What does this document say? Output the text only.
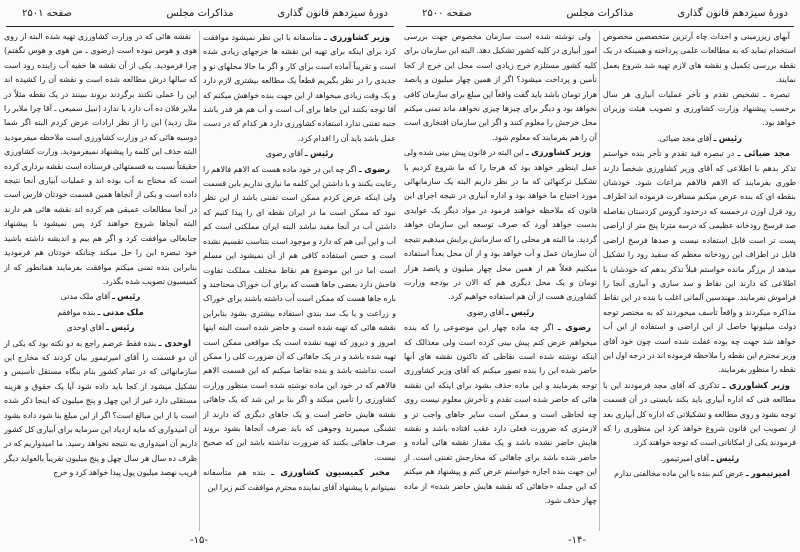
دورهٔ سیزدهم قانون گذاری
مذاکرات مجلس
صفحه ۲۵۰۰

آبهای زیرزمینی و احداث چاه آرتزین متخصصین مخصوص استخدام نماید که به مطالعات علمی پرداخته و همینکه در یک نقطه بررسی تکمیل و نقشه های لازم تهیه شد شروع بعمل نمایند.

تبصره ـ تشخیص تقدم و تأخر عملیات آبیاری هر سال برحسب پیشنهاد وزارت کشاورزی و تصویب هیئت وزیران خواهد بود.

رئیس ـ آقای مجد ضیائی.

مجد ضیائی ـ در تبصره قید تقدم و تأخر بنده خواستم تذکر بدهم با اطلاعی که آقای وزیر کشاورزی شخصاً دارند طوری بفرمایند که الاهم فالاهم مراعات شود. خودشان بنقطه ای که بنده عرض میکنم مسافرت فرموده اند اطراف رود قزل اوزن درخمسه که درحدود گروس کردستان بفاصله صد فرسخ رودخانه عظیمی که درسه مترتا پنج متر از اراضی پست تر است قابل استفاده نیست و صدها فرسخ اراضی قابل در اطراف این رودخانه معظم که سفید رود را تشکیل میدهد از برزگر مانده خواستم قبلاً تذکر بدهم که خودشان با اطلاعی که دارند این نقاط و سد سازی و آبیاری آنجا را فراموش نفرمایند. مهندسین آلمانی اغلب با بنده در این نقاط مذاکره میکردند و واقعاً تأسف میخوردند که به مختصر توجه دولت میلیونها حاصل از این اراضی و استفاده از این آب خواهد شد جهت چه بوده غفلت شده است چون خود آقای وزیر محترم این نقطه را ملاحظه فرموده اند در درجه اول این نقطه را منظور بفرمایند.

وزیر کشاورزی ـ تذکری که آقای مجد فرمودند این با مطالعه فنی که اداره آبیاری باید بکند بایستی در آن قسمت توجه بشود و روی مطالعه و تشکیلاتی که اداره کل آبیاری بعد از تصویب این قانون شروع خواهد کرد این منظوری را که فرمودند یکی از امکاناتی است که توجه خواهند کرد.

رئیس ـ آقای امیرتیمور.

امیرتیمور ـ عرض کنم بنده با این ماده مخالفتی ندارم

ولی نوشته شده است سازمان مخصوص جهت بررسی امور آبیاری در کلیه کشور تشکیل دهد. البته این سازمان برای کلیه کشور مستلزم خرج زیادی است محل این خرج از کجا تأمین و پرداخت میشود؟ اگر از همین چهار میلیون و پانصد هزار تومان باشد باید گفت واقعاً این مبلغ برای سازمان کافی نخواهد بود و دیگر برای چیزها چیزی نخواهد ماند تمنی میکنم محل خرجش را معلوم کنند و اگر این سازمان افتخاری است آن را هم بفرمایند که معلوم شود.

وزیر کشاورزی ـ این البته در قانون پیش بینی شده ولی عمل اینطور خواهد بود که هرجا را که ما شروع کردیم با تشکیل ترکنهائی که ما در نظر داریم البته یک سازمانهائی مورد احتیاج ما خواهد بود و اداره آبیاری در نتیجه اجرای این قانون که ملاحظه خواهند فرمود در مواد دیگر یک عوایدی بدست خواهد آورد که صرف توسعه این سازمان خواهد گردید. ما البته هر محلی را که سازمانش برایش میدهیم نتیجه آن سازمان عمل و آب خواهد بود و از آن محل بعداً استفاده میکنیم فعلاً هم از همین محل چهار میلیون و پانصد هزار تومان و یک محل دیگری هم که الان در بودجه وزارت کشاورزی هست از آن هم استفاده خواهیم کرد.

رئیس ـ آقای رضوی

رضوی ـ اگر چه ماده چهار این موضوعی را که بنده میخواهم عرض کنم پیش بینی کرده است ولی معذالک که اینکه نوشته شده است نقاطی که تاکنون نقشه های آنها حاضر شده این را بنده تصور میکنم که آقای وزیر کشاورزی توجه بفرمایند و این ماده حذف بشود برای اینکه این نقشه هائی که حاضر شده است تقدم و تأخرش معلوم نیست روی چه لحاظی است و ممکن است سایر جاهای واجب تر و لازمتری که ضرورت فعلی دارد عقب افتاده باشد و نقشه هایش حاضر نشده باشد و یک مقدار نقشه هائی آماده و حاضر شده باشد برای جاهائی که مخارجش تفننی است. از این جهت بنده اجازه خواستم عرض کنم و پیشنهاد هم میکنم که این جمله «جاهائی که نقشه هایش حاضر شده» از ماده چهار حذف شود.

-۱۴-
دورهٔ سیزدهم قانون گذاری
مذاکرات مجلس
صفحه ۲۵۰۱

وزیر کشاورزی ـ متأسفانه با این نظر نمیشود موافقت کرد برای اینکه برای تهیه این نقشه ها خرجهای زیادی شده است و تقریباً آماده است برای کار و اگر ما حالا محلهای نو و جدیدی را در نظر بگیریم قطعاً یک مطالعه بیشتری لازم دارد و یک وقت زیادی میخواهد از این جهت بنده خواهش میکنم که آقا توجه بکنند این جاها برای آب است و آب هم هر قدر باشد جنبه تفننی ندارد استفاده کشاورزی دارد هر کدام که در دست عمل باشد باید آن را اقدام کرد.

رئیس ـ آقای رضوی

رضوی ـ اگر چه این در خود ماده هست که الاهم فالاهم را رعایت بکنند و با داشتن این کلمه ما نیازی نداریم باین قسمت ولی اینکه عرض کردم ممکن است تفننی باشد از این نظر نبود که ممکن است ما در ایران نقطه ای را پیدا کنیم که داشتن آب در آنجا مفید نباشد البته ایران مملکتی است کم آب و این آبی هم که دارد و موجود است بتناسب تقسیم نشده است و حسن استفاده کافی هم از آن نمیشود این مسلم است اما در این موضوع هم نقاط مختلف مملکت تفاوت فاحش دارد بعضی جاها هست که برای آب خوراک محتاجند و باره جاها هست که ممکن است آب داشته باشند برای خوراک و زراعت و با یک سد بندی استفاده بیشتری بشود بنابراین نقشه هائی که تهیه شده است و حاضر شده است البته اینها امروز و دیروز که تهیه نشده است یک مواقعی ممکن است تهیه شده باشد و در یک جاهائی که آن ضرورت کلی را ممکن است نداشته باشد و بنده تقاضا میکنم که این قسمت الاهم فالاهم که در خود این ماده نوشته شده است منظور وزارت کشاورزی را تأمین میکند و اگر بنا بر این شد که یک جاهائی نقشه هایش حاضر است و یک جاهای دیگری که دارند از تشنگی میمیرند وجوهی که باید صرف آنجاها بشود بروند صرف جاهائی بکنند که ضرورت نداشته باشد این که صحیح نیست.

مخبر کمیسیون کشاورزی ـ بنده هم متأسفانه نمیتوانم با پیشنهاد آقای نماینده محترم موافقت کنم زیرا این

نقشه هائی که در وزارت کشاورزی تهیه شده البته از روی هوی و هوس نبوده است (رضوی ـ من هوی و هوس نگفتم) چرا فرمودید. یکی از آن نقشه ها خفیه آب زاینده رود است که سالها درش مطالعه شده است و نقشه آن را کشیده اند این را عملی نکنند برگردند بروند ببینند در یک نقطه مثلاً در ملایر فلان ده آب دارد یا ندارد (نبیل سمیعی ـ آقا چرا ملایر را مثل زدید) این را از نظر ارادات عرض کردم البته اگر شما دوسیه هائی که در وزارت کشاورزی است ملاحظه میفرمودید البته حذف این کلمه را پیشنهاد نمیفرمودید. وزارت کشاورزی حقیقتاً نسبت به قسمتهائی فرستاده است نقشه برداری کرده است که محتاج به آب بوده اند و عملیات آبیاری آنجا نتیجه داده است و یکی از آنجاها همین قسمت خودتان فارس است در آنجا مطالعات عمیقی هم کرده اند نقشه هائی هم دارند البته آنجاها شروع خواهند کرد پس نمیشود با پیشنهاد جنابعالی موافقت کرد و اگر هم بیم و اندیشه داشته باشید خود تبصره این را حل میکند چنانکه خودتان هم فرمودید بنابراین بنده تمنی میکنم موافقت بفرمایند همانطور که از کمیسیون تصویب شده بگذرد.

رئیس ـ آقای ملک مدنی

ملک مدنی ـ بنده موافقم

رئیس ـ آقای اوحدی

اوحدی ـ بنده فقط عرضم راجع به دو نکته بود که یکی از آن دو قسمت را آقای امیرتیمور بیان کردند که مخارج این سازمانهائی که در تمام کشور بنام بنگاه مستقل تأسیس و تشکیل میشود از کجا باید داده شود آیا یک حقوق و هزینه مستقلی دارد غیر از این چهل و پنج میلیون که اینجا ذکر شده است یا از این مبالغ است؟ اگر از این مبلغ بنا شود داده بشود آن امیدواری که مایه ازدیاد این سرمایه برای آبیاری کل کشور داریم آن امیدواری به نتیجه نخواهد رسید. ما امیدواریم که در ظرف ده سال هر سال چهل و پنج میلیون تقریباً بالعواید دیگر قریب نهصد میلیون پول پیدا خواهد کرد و خرج

-۱۵-
